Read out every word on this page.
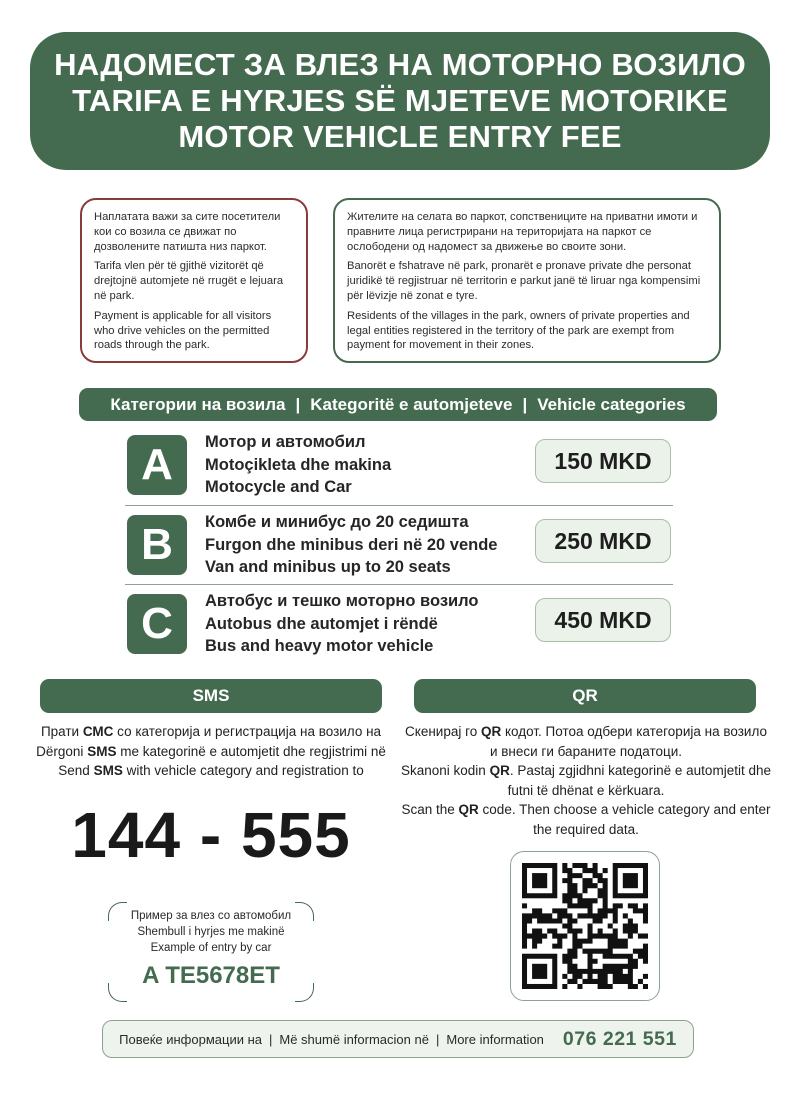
НАДОМЕСТ ЗА ВЛЕЗ НА МОТОРНО ВОЗИЛО
TARIFA E HYRJES SË MJETEVE MOTORIKE
MOTOR VEHICLE ENTRY FEE

Наплатата важи за сите посетители кои со возила се движат по дозволените патишта низ паркот.

Tarifa vlen për të gjithë vizitorët që drejtojnë automjete në rrugët e lejuara në park.

Payment is applicable for all visitors who drive vehicles on the permitted roads through the park.

Жителите на селата во паркот, сопствениците на приватни имоти и правните лица регистрирани на територијата на паркот се ослободени од надомест за движење во своите зони.

Banorët e fshatrave në park, pronarët e pronave private dhe personat juridikë të regjistruar në territorin e parkut janë të liruar nga kompensimi për lëvizje në zonat e tyre.

Residents of the villages in the park, owners of private properties and legal entities registered in the territory of the park are exempt from payment for movement in their zones.

Категории на возила | Kategoritë e automjeteve | Vehicle categories
A	Мотор и автомобил
Motoçikleta dhe makina
Motocycle and Car
150 MKD
B	Комбе и минибус до 20 седишта
Furgon dhe minibus deri në 20 vende
Van and minibus up to 20 seats
250 MKD
C	Автобус и тешко моторно возило
Autobus dhe automjet i rëndë
Bus and heavy motor vehicle
450 MKD
SMS
Прати СМС со категорија и регистрација на возило на
Dërgoni SMS me kategorinë e automjetit dhe regjistrimi në
Send SMS with vehicle category and registration to
144 - 555
Пример за влез со автомобил
Shembull i hyrjes me makinë
Example of entry by car
A TE5678ET
QR
Скенирај го QR кодот. Потоа одбери категорија на возило и внеси ги бараните податоци.
Skanoni kodin QR. Pastaj zgjidhni kategorinë e automjetit dhe futni të dhënat e kërkuara.
Scan the QR code. Then choose a vehicle category and enter the required data.
Повеќе информации на | Më shumë informacion në | More information 076 221 551
